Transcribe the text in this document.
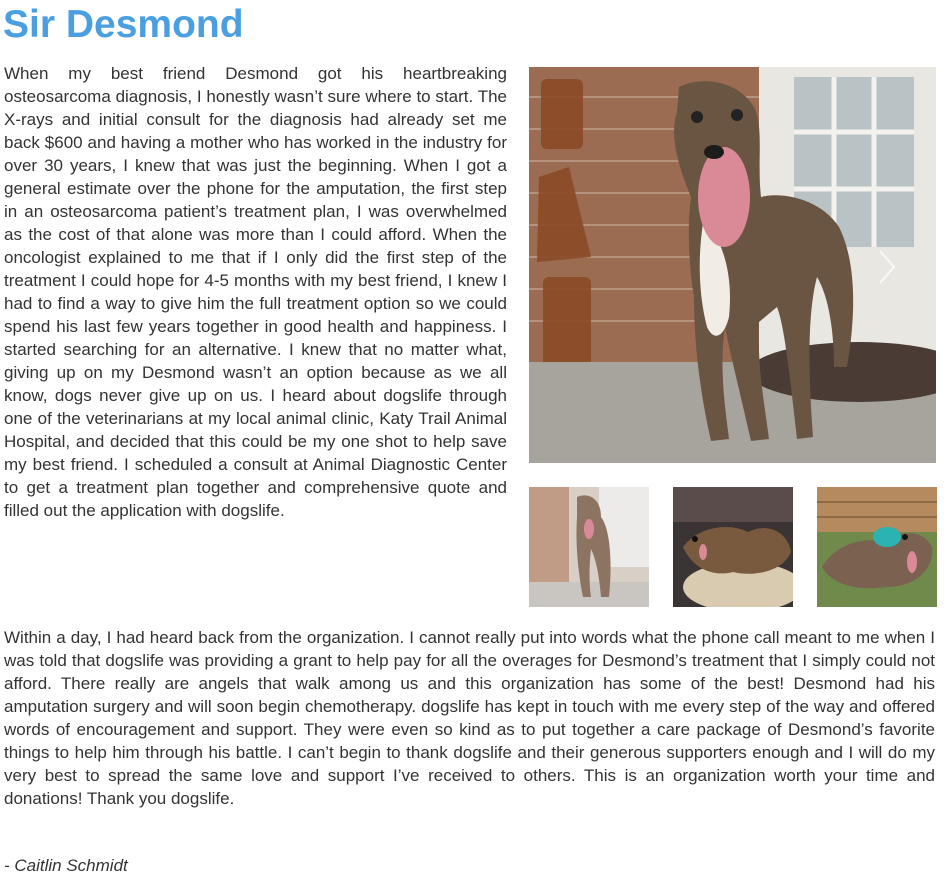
Sir Desmond

When my best friend Desmond got his heartbreaking osteosarcoma diagnosis, I honestly wasn’t sure where to start. The X-rays and initial consult for the diagnosis had already set me back $600 and having a mother who has worked in the industry for over 30 years, I knew that was just the beginning. When I got a general estimate over the phone for the amputation, the first step in an osteosarcoma patient’s treatment plan, I was overwhelmed as the cost of that alone was more than I could afford. When the oncologist explained to me that if I only did the first step of the treatment I could hope for 4-5 months with my best friend, I knew I had to find a way to give him the full treatment option so we could spend his last few years together in good health and happiness. I started searching for an alternative. I knew that no matter what, giving up on my Desmond wasn’t an option because as we all know, dogs never give up on us. I heard about dogslife through one of the veterinarians at my local animal clinic, Katy Trail Animal Hospital, and decided that this could be my one shot to help save my best friend. I scheduled a consult at Animal Diagnostic Center to get a treatment plan together and comprehensive quote and filled out the application with dogslife.

Within a day, I had heard back from the organization. I cannot really put into words what the phone call meant to me when I was told that dogslife was providing a grant to help pay for all the overages for Desmond’s treatment that I simply could not afford. There really are angels that walk among us and this organization has some of the best! Desmond had his amputation surgery and will soon begin chemotherapy. dogslife has kept in touch with me every step of the way and offered words of encouragement and support. They were even so kind as to put together a care package of Desmond’s favorite things to help him through his battle. I can’t begin to thank dogslife and their generous supporters enough and I will do my very best to spread the same love and support I’ve received to others. This is an organization worth your time and donations! Thank you dogslife.

- Caitlin Schmidt
